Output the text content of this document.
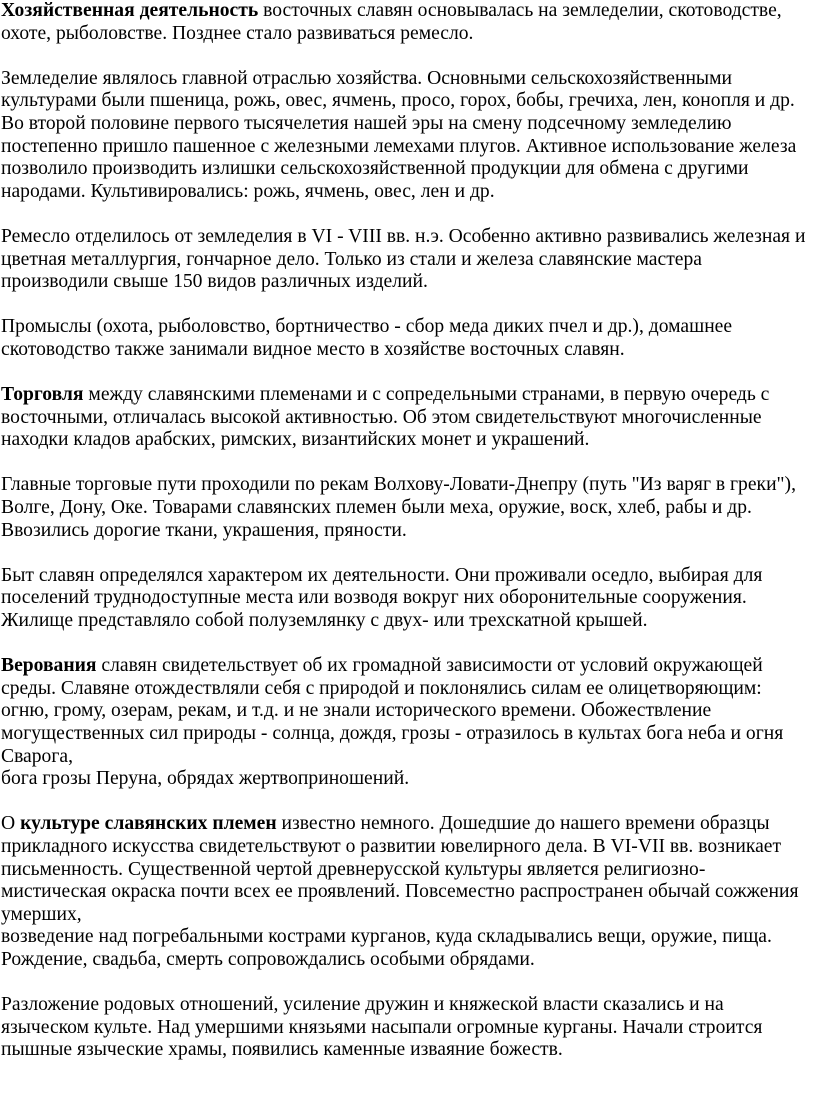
Хозяйственная деятельность восточных славян основывалась на земледелии, скотоводстве,
охоте, рыболовстве. Позднее стало развиваться ремесло.
Земледелие являлось главной отраслью хозяйства. Основными сельскохозяйственными
культурами были пшеница, рожь, овес, ячмень, просо, горох, бобы, гречиха, лен, конопля и др.
Во второй половине первого тысячелетия нашей эры на смену подсечному земледелию
постепенно пришло пашенное с железными лемехами плугов. Активное использование железа
позволило производить излишки сельскохозяйственной продукции для обмена с другими
народами. Культивировались: рожь, ячмень, овес, лен и др.
Ремесло отделилось от земледелия в VI - VIII вв. н.э. Особенно активно развивались железная и
цветная металлургия, гончарное дело. Только из стали и железа славянские мастера
производили свыше 150 видов различных изделий.
Промыслы (охота, рыболовство, бортничество - сбор меда диких пчел и др.), домашнее
скотоводство также занимали видное место в хозяйстве восточных славян.
Торговля между славянскими племенами и с сопредельными странами, в первую очередь с
восточными, отличалась высокой активностью. Об этом свидетельствуют многочисленные
находки кладов арабских, римских, византийских монет и украшений.
Главные торговые пути проходили по рекам Волхову-Ловати-Днепру (путь "Из варяг в греки"),
Волге, Дону, Оке. Товарами славянских племен были меха, оружие, воск, хлеб, рабы и др.
Ввозились дорогие ткани, украшения, пряности.
Быт славян определялся характером их деятельности. Они проживали оседло, выбирая для
поселений труднодоступные места или возводя вокруг них оборонительные сооружения.
Жилище представляло собой полуземлянку с двух- или трехскатной крышей.
Верования славян свидетельствует об их громадной зависимости от условий окружающей
среды. Славяне отождествляли себя с природой и поклонялись силам ее олицетворяющим:
огню, грому, озерам, рекам, и т.д. и не знали исторического времени. Обожествление
могущественных сил природы - солнца, дождя, грозы - отразилось в культах бога неба и огня
Сварога,
бога грозы Перуна, обрядах жертвоприношений.
О культуре славянских племен известно немного. Дошедшие до нашего времени образцы
прикладного искусства свидетельствуют о развитии ювелирного дела. В VI-VII вв. возникает
письменность. Существенной чертой древнерусской культуры является религиозно-
мистическая окраска почти всех ее проявлений. Повсеместно распространен обычай сожжения
умерших,
возведение над погребальными кострами курганов, куда складывались вещи, оружие, пища.
Рождение, свадьба, смерть сопровождались особыми обрядами.
Разложение родовых отношений, усиление дружин и княжеской власти сказались и на
языческом культе. Над умершими князьями насыпали огромные курганы. Начали строится
пышные языческие храмы, появились каменные изваяние божеств.
